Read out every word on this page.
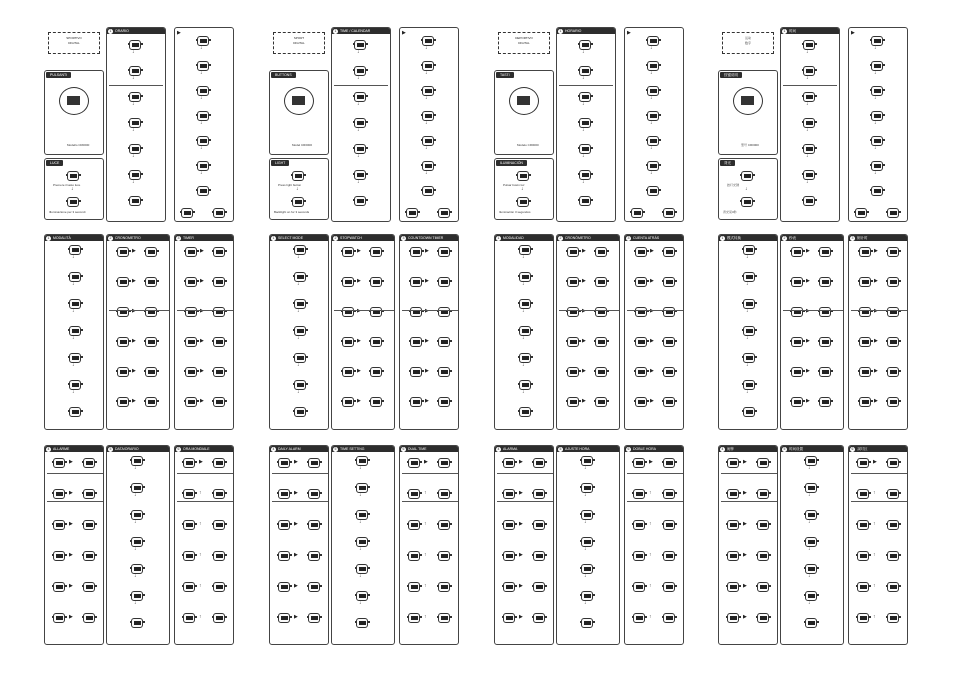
SPORTIVO
DIGITAL
PULSANTI
Modello CR0000
LUCE
Premere il tasto luce
↓
Illuminazione per 3 secondi
1	ORARIO
↓
↓
↓
↓
↓
↓
▶
↓
↓
↓
↓
↓
↓
1	MODALITÀ
↓
↓
↓
↓
↓
↓
2	CRONOMETRO
▶
▶
▶
▶
▶
▶
3	TIMER
▶
▶
▶
▶
▶
▶
4	ALLARME
▶
▶
▶
▶
▶
▶
5	DATA/ORARIO
↓
↓
↓
↓
↓
↓
6	ORA MONDIALE
▶
↑
↑
↑
↑
↑
SPORT
DIGITAL
BUTTONS
Model CR0000
LIGHT
Press light button
↓
Backlight on for 3 seconds
1	TIME / CALENDAR
↓
↓
↓
↓
↓
↓
▶
↓
↓
↓
↓
↓
↓
1	SELECT MODE
↓
↓
↓
↓
↓
↓
2	STOPWATCH
▶
▶
▶
▶
▶
▶
3	COUNTDOWN TIMER
▶
▶
▶
▶
▶
▶
4	DAILY ALARM
▶
▶
▶
▶
▶
▶
5	TIME SETTING
↓
↓
↓
↓
↓
↓
6	DUAL TIME
▶
↑
↑
↑
↑
↑
DEPORTIVO
DIGITAL
TASTI
Modelo CR0000
ILUMINACIÓN
Pulsar botón luz
↓
Iluminación 3 segundos
1	HORARIO
↓
↓
↓
↓
↓
↓
▶
↓
↓
↓
↓
↓
↓
1	MODALIDAD
↓
↓
↓
↓
↓
↓
2	CRONÓMETRO
▶
▶
▶
▶
▶
▶
3	CUENTA ATRÁS
▶
▶
▶
▶
▶
▶
4	ALARMA
▶
▶
▶
▶
▶
▶
5	AJUSTE HORA
↓
↓
↓
↓
↓
↓
6	DOBLE HORA
▶
↑
↑
↑
↑
↑
运动
数字
按键说明
型号 CR0000
背光
按灯光键
↓
背光亮3秒
1	时间
↓
↓
↓
↓
↓
↓
▶
↓
↓
↓
↓
↓
↓
1	模式转换
↓
↓
↓
↓
↓
↓
2	秒表
▶
▶
▶
▶
▶
▶
3	倒计时
▶
▶
▶
▶
▶
▶
4	闹钟
▶
▶
▶
▶
▶
▶
5	时间设置
↓
↓
↓
↓
↓
↓
6	双时区
▶
↑
↑
↑
↑
↑
